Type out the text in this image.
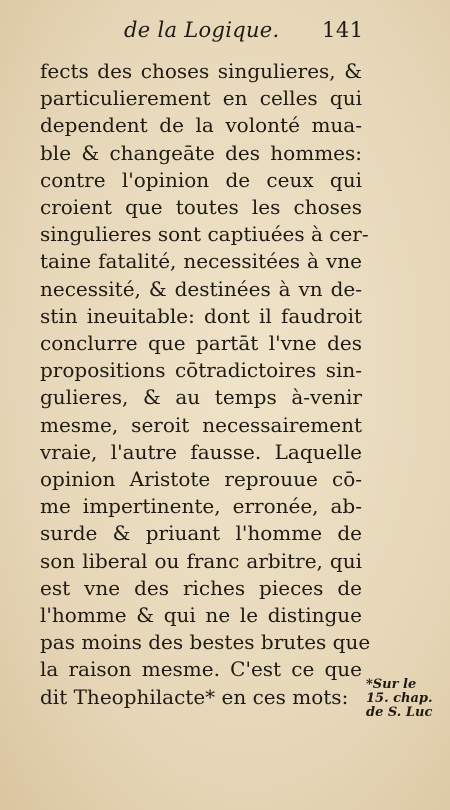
de la Logique. 141
fects des choses singulieres, &
particulierement en celles qui
dependent de la volonté mua-
ble & changeāte des hommes:
contre l'opinion de ceux qui
croient que toutes les choses
singulieres sont captiuées à cer-
taine fatalité, necessitées à vne
necessité, & destinées à vn de-
stin ineuitable: dont il faudroit
conclurre que partāt l'vne des
propositions cōtradictoires sin-
gulieres, & au temps à-venir
mesme, seroit necessairement
vraie, l'autre fausse. Laquelle
opinion Aristote reprouue cō-
me impertinente, erronée, ab-
surde & priuant l'homme de
son liberal ou franc arbitre, qui
est vne des riches pieces de
l'homme & qui ne le distingue
pas moins des bestes brutes que
la raison mesme. C'est ce que
dit Theophilacte* en ces mots:
*Sur le
15. chap.
de S. Luc
